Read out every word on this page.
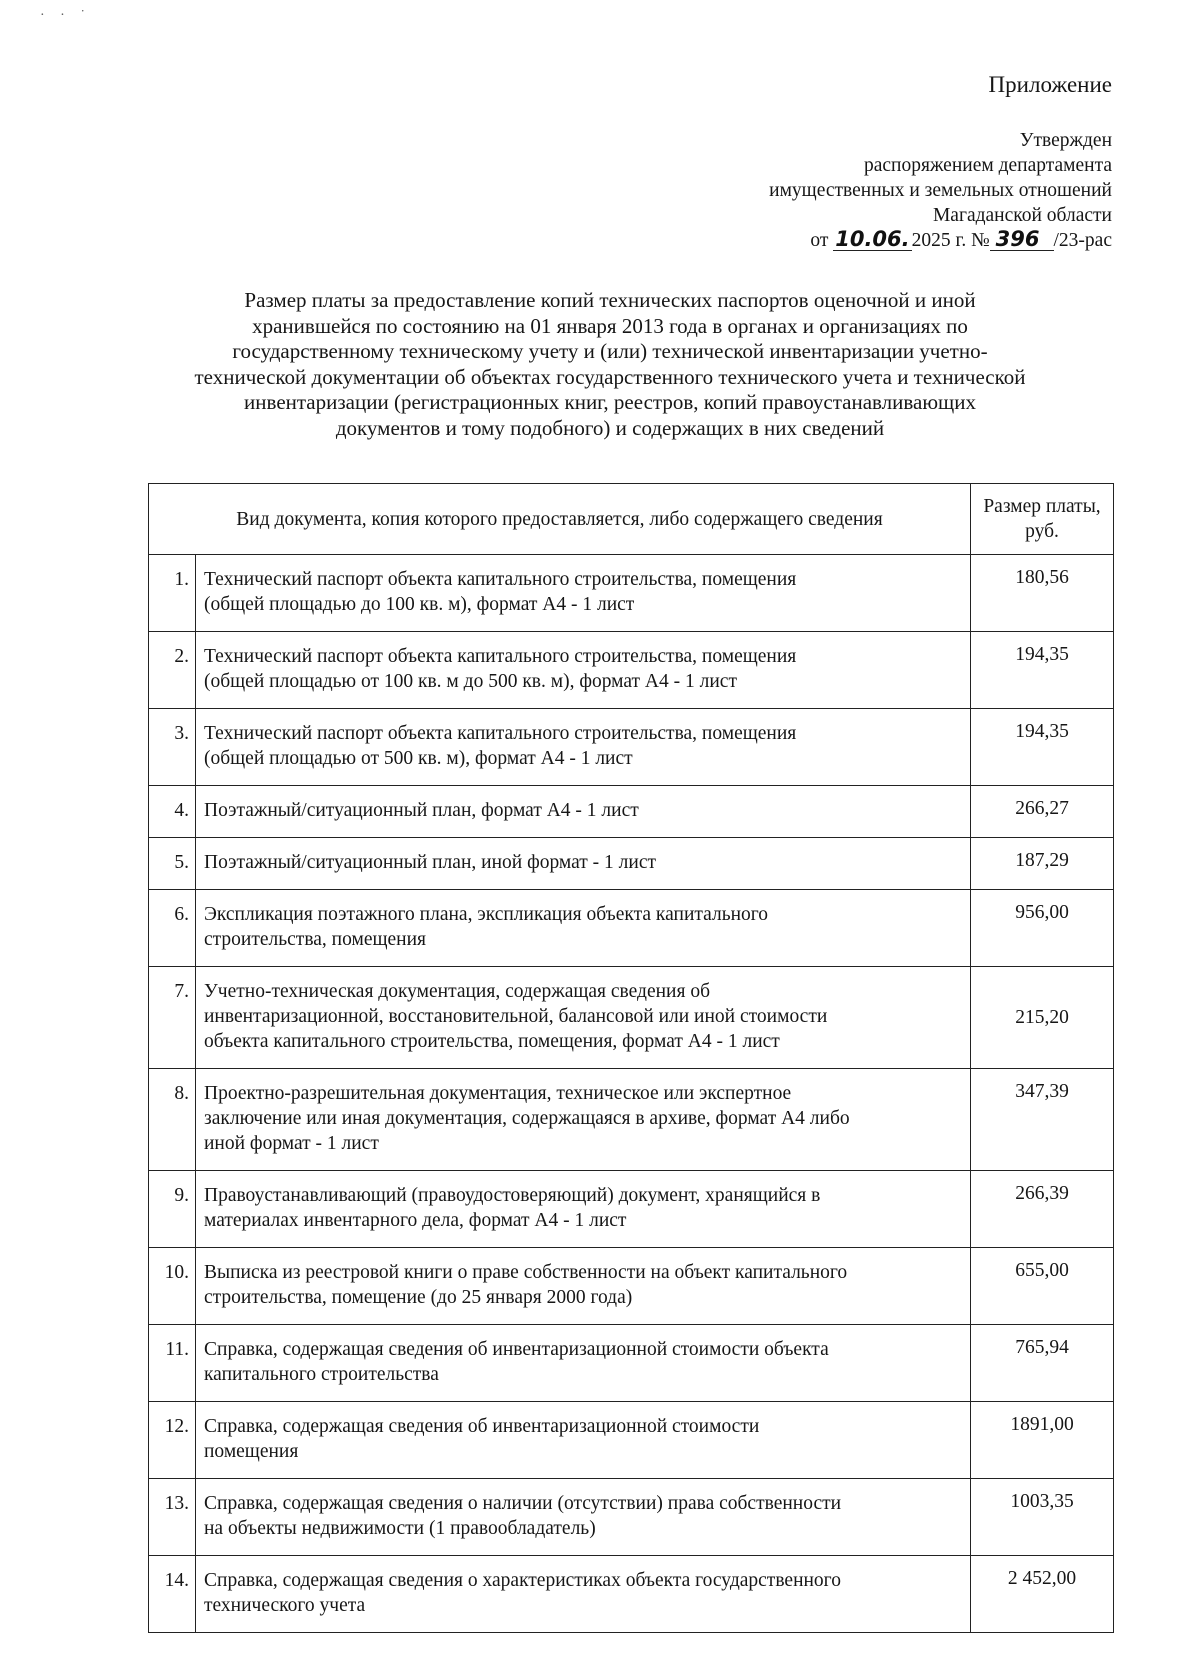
· · ˙
Приложение
Утвержден
распоряжением департамента
имущественных и земельных отношений
Магаданской области
от 10.06. 2025 г. № 396 /23-рас
Размер платы за предоставление копий технических паспортов оценочной и иной
хранившейся по состоянию на 01 января 2013 года в органах и организациях по
государственному техническому учету и (или) технической инвентаризации учетно-
технической документации об объектах государственного технического учета и технической
инвентаризации (регистрационных книг, реестров, копий правоустанавливающих
документов и тому подобного) и содержащих в них сведений
Вид документа, копия которого предоставляется, либо содержащего сведения		Размер платы, руб.
1.	Технический паспорт объекта капитального строительства, помещения
(общей площадью до 100 кв. м), формат А4 - 1 лист	180,56
2.	Технический паспорт объекта капитального строительства, помещения
(общей площадью от 100 кв. м до 500 кв. м), формат А4 - 1 лист	194,35
3.	Технический паспорт объекта капитального строительства, помещения
(общей площадью от 500 кв. м), формат А4 - 1 лист	194,35
4.	Поэтажный/ситуационный план, формат А4 - 1 лист	266,27
5.	Поэтажный/ситуационный план, иной формат - 1 лист	187,29
6.	Экспликация поэтажного плана, экспликация объекта капитального
строительства, помещения	956,00
7.	Учетно-техническая документация, содержащая сведения об
инвентаризационной, восстановительной, балансовой или иной стоимости
объекта капитального строительства, помещения, формат А4 - 1 лист	215,20
8.	Проектно-разрешительная документация, техническое или экспертное
заключение или иная документация, содержащаяся в архиве, формат А4 либо
иной формат - 1 лист	347,39
9.	Правоустанавливающий (правоудостоверяющий) документ, хранящийся в
материалах инвентарного дела, формат А4 - 1 лист	266,39
10.	Выписка из реестровой книги о праве собственности на объект капитального
строительства, помещение (до 25 января 2000 года)	655,00
11.	Справка, содержащая сведения об инвентаризационной стоимости объекта
капитального строительства	765,94
12.	Справка, содержащая сведения об инвентаризационной стоимости
помещения	1891,00
13.	Справка, содержащая сведения о наличии (отсутствии) права собственности
на объекты недвижимости (1 правообладатель)	1003,35
14.	Справка, содержащая сведения о характеристиках объекта государственного
технического учета	2 452,00
